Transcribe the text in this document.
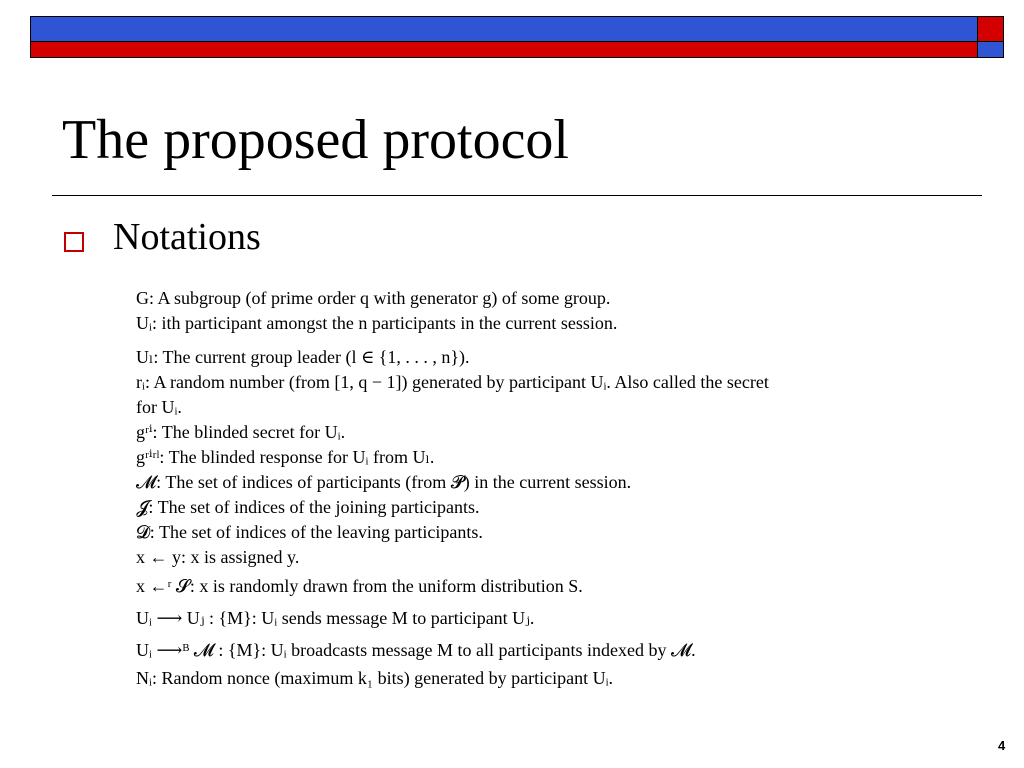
The proposed protocol
Notations
G: A subgroup (of prime order q with generator g) of some group.
Uᵢ: ith participant amongst the n participants in the current session.
Uₗ: The current group leader (l ∈ {1, . . . , n}).
rᵢ: A random number (from [1, q − 1]) generated by participant Uᵢ. Also called the secret
for Uᵢ.
gʳⁱ: The blinded secret for Uᵢ.
gʳⁱʳˡ: The blinded response for Uᵢ from Uₗ.
𝓜: The set of indices of participants (from 𝓟) in the current session.
𝓙: The set of indices of the joining participants.
𝓓: The set of indices of the leaving participants.
x ← y: x is assigned y.
x ←ʳ 𝓢: x is randomly drawn from the uniform distribution S.
Uᵢ ⟶ Uⱼ : {M}: Uᵢ sends message M to participant Uⱼ.
Uᵢ ⟶ᴮ 𝓜 : {M}: Uᵢ broadcasts message M to all participants indexed by 𝓜.
Nᵢ: Random nonce (maximum k₁ bits) generated by participant Uᵢ.
4
